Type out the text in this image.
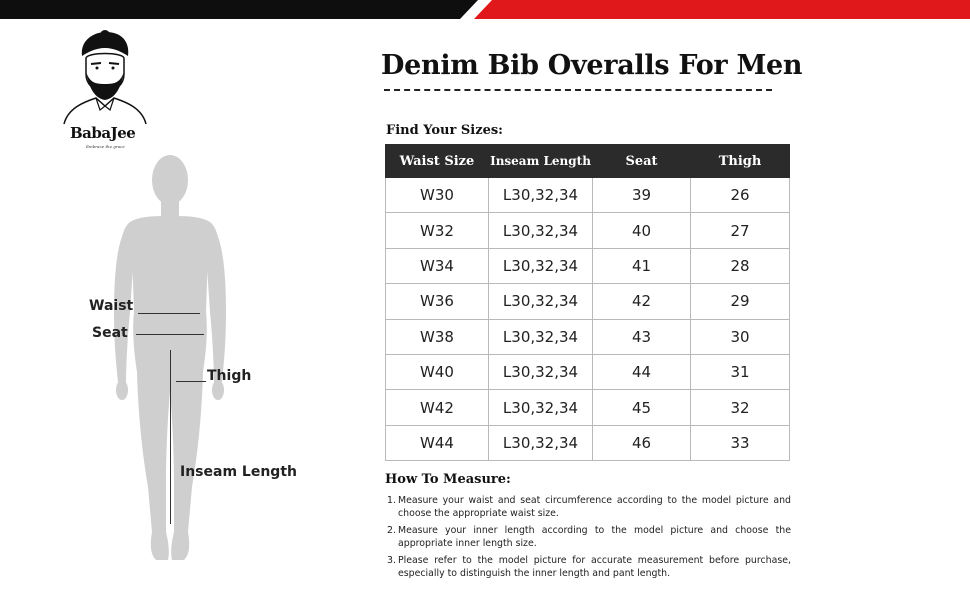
BabaJee
Embrace the grace
Waist
Seat
Thigh
Inseam Length
Denim Bib Overalls For Men
Find Your Sizes:
Waist Size	Inseam Length	Seat	Thigh
W30	L30,32,34	39	26
W32	L30,32,34	40	27
W34	L30,32,34	41	28
W36	L30,32,34	42	29
W38	L30,32,34	43	30
W40	L30,32,34	44	31
W42	L30,32,34	45	32
W44	L30,32,34	46	33
How To Measure:
1. Measure your waist and seat circumference according to the model picture and choose the appropriate waist size.
2. Measure your inner length according to the model picture and choose the appropriate inner length size.
3. Please refer to the model picture for accurate measurement before purchase, especially to distinguish the inner length and pant length.
